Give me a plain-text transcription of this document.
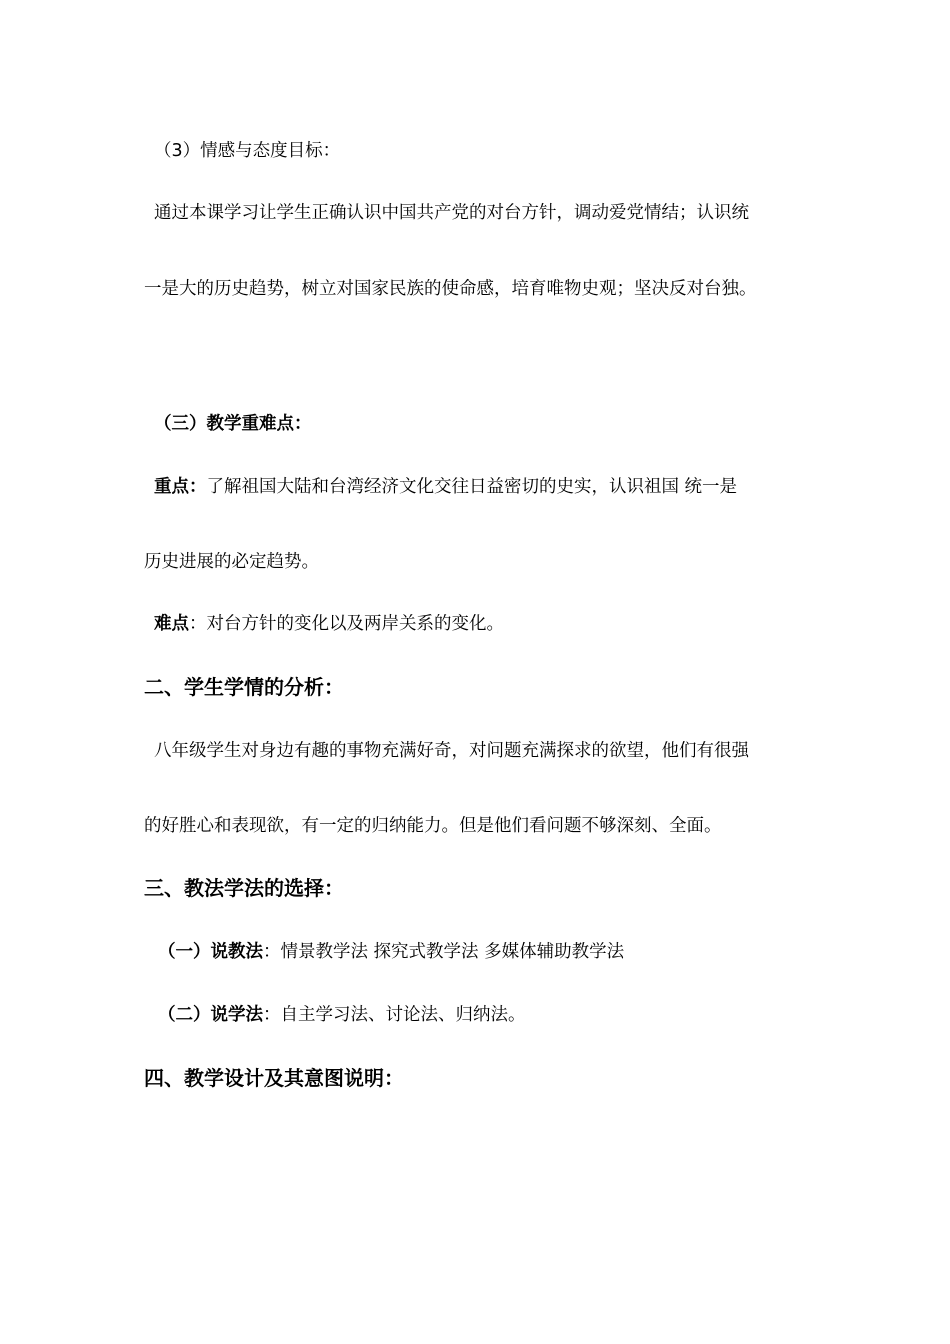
（3）情感与态度目标：
通过本课学习让学生正确认识中国共产党的对台方针，调动爱党情结；认识统
一是大的历史趋势，树立对国家民族的使命感，培育唯物史观；坚决反对台独。
（三）教学重难点：
重点：了解祖国大陆和台湾经济文化交往日益密切的史实，认识祖国 统一是
历史进展的必定趋势。
难点：对台方针的变化以及两岸关系的变化。
二、学生学情的分析：
八年级学生对身边有趣的事物充满好奇，对问题充满探求的欲望，他们有很强
的好胜心和表现欲，有一定的归纳能力。但是他们看问题不够深刻、全面。
三、教法学法的选择：
（一）说教法：情景教学法 探究式教学法 多媒体辅助教学法
（二）说学法：自主学习法、讨论法、归纳法。
四、教学设计及其意图说明：
